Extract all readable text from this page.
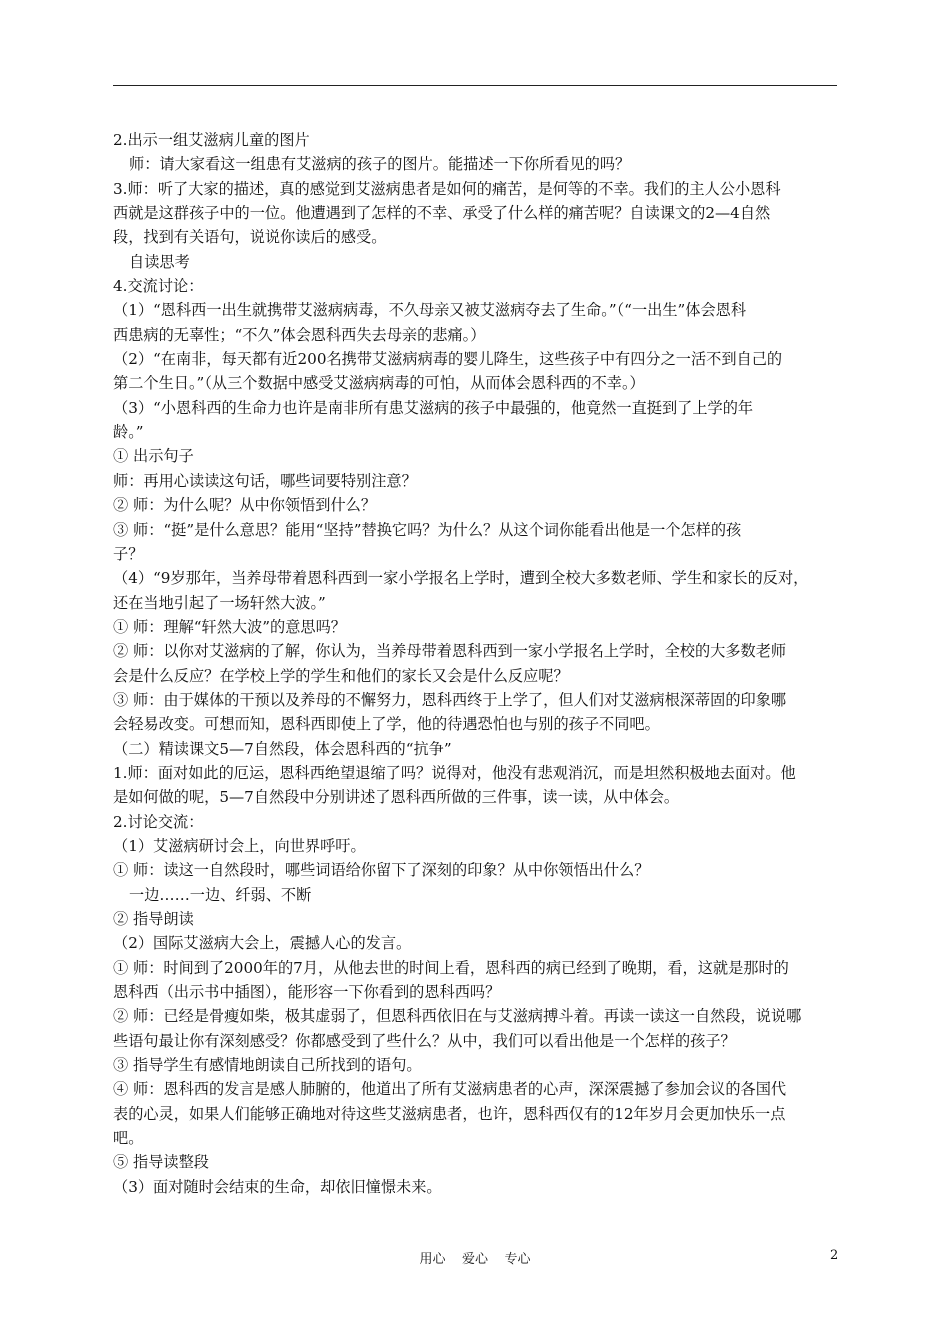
2.出示一组艾滋病儿童的图片
师：请大家看这一组患有艾滋病的孩子的图片。能描述一下你所看见的吗？
3.师：听了大家的描述，真的感觉到艾滋病患者是如何的痛苦，是何等的不幸。我们的主人公小恩科
西就是这群孩子中的一位。他遭遇到了怎样的不幸、承受了什么样的痛苦呢？自读课文的2—4自然
段，找到有关语句，说说你读后的感受。
自读思考
4.交流讨论：
（1）“恩科西一出生就携带艾滋病病毒，不久母亲又被艾滋病夺去了生命。”（“一出生”体会恩科
西患病的无辜性；“不久”体会恩科西失去母亲的悲痛。）
（2）“在南非，每天都有近200名携带艾滋病病毒的婴儿降生，这些孩子中有四分之一活不到自己的
第二个生日。”（从三个数据中感受艾滋病病毒的可怕，从而体会恩科西的不幸。）
（3）“小恩科西的生命力也许是南非所有患艾滋病的孩子中最强的，他竟然一直挺到了上学的年
龄。”
① 出示句子
师：再用心读读这句话，哪些词要特别注意？
② 师：为什么呢？从中你领悟到什么？
③ 师：“挺”是什么意思？能用“坚持”替换它吗？为什么？从这个词你能看出他是一个怎样的孩
子？
（4）“9岁那年，当养母带着恩科西到一家小学报名上学时，遭到全校大多数老师、学生和家长的反对，
还在当地引起了一场轩然大波。”
① 师：理解“轩然大波”的意思吗？
② 师：以你对艾滋病的了解，你认为，当养母带着恩科西到一家小学报名上学时，全校的大多数老师
会是什么反应？在学校上学的学生和他们的家长又会是什么反应呢？
③ 师：由于媒体的干预以及养母的不懈努力，恩科西终于上学了，但人们对艾滋病根深蒂固的印象哪
会轻易改变。可想而知，恩科西即使上了学，他的待遇恐怕也与别的孩子不同吧。
（二）精读课文5—7自然段，体会恩科西的“抗争”
1.师：面对如此的厄运，恩科西绝望退缩了吗？说得对，他没有悲观消沉，而是坦然积极地去面对。他
是如何做的呢，5—7自然段中分别讲述了恩科西所做的三件事，读一读，从中体会。
2.讨论交流：
（1）艾滋病研讨会上，向世界呼吁。
① 师：读这一自然段时，哪些词语给你留下了深刻的印象？从中你领悟出什么？
一边……一边、纤弱、不断
② 指导朗读
（2）国际艾滋病大会上，震撼人心的发言。
① 师：时间到了2000年的7月，从他去世的时间上看，恩科西的病已经到了晚期，看，这就是那时的
恩科西（出示书中插图），能形容一下你看到的恩科西吗？
② 师：已经是骨瘦如柴，极其虚弱了，但恩科西依旧在与艾滋病搏斗着。再读一读这一自然段，说说哪
些语句最让你有深刻感受？你都感受到了些什么？从中，我们可以看出他是一个怎样的孩子？
③ 指导学生有感情地朗读自己所找到的语句。
④ 师：恩科西的发言是感人肺腑的，他道出了所有艾滋病患者的心声，深深震撼了参加会议的各国代
表的心灵，如果人们能够正确地对待这些艾滋病患者，也许，恩科西仅有的12年岁月会更加快乐一点
吧。
⑤ 指导读整段
（3）面对随时会结束的生命，却依旧憧憬未来。
用心    爱心    专心	2
